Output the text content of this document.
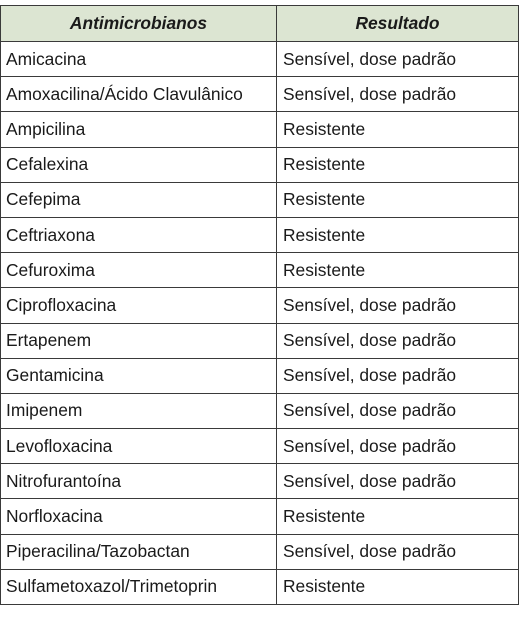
Antimicrobianos	Resultado
Amicacina	Sensível, dose padrão
Amoxacilina/Ácido Clavulânico	Sensível, dose padrão
Ampicilina	Resistente
Cefalexina	Resistente
Cefepima	Resistente
Ceftriaxona	Resistente
Cefuroxima	Resistente
Ciprofloxacina	Sensível, dose padrão
Ertapenem	Sensível, dose padrão
Gentamicina	Sensível, dose padrão
Imipenem	Sensível, dose padrão
Levofloxacina	Sensível, dose padrão
Nitrofurantoína	Sensível, dose padrão
Norfloxacina	Resistente
Piperacilina/Tazobactan	Sensível, dose padrão
Sulfametoxazol/Trimetoprin	Resistente
